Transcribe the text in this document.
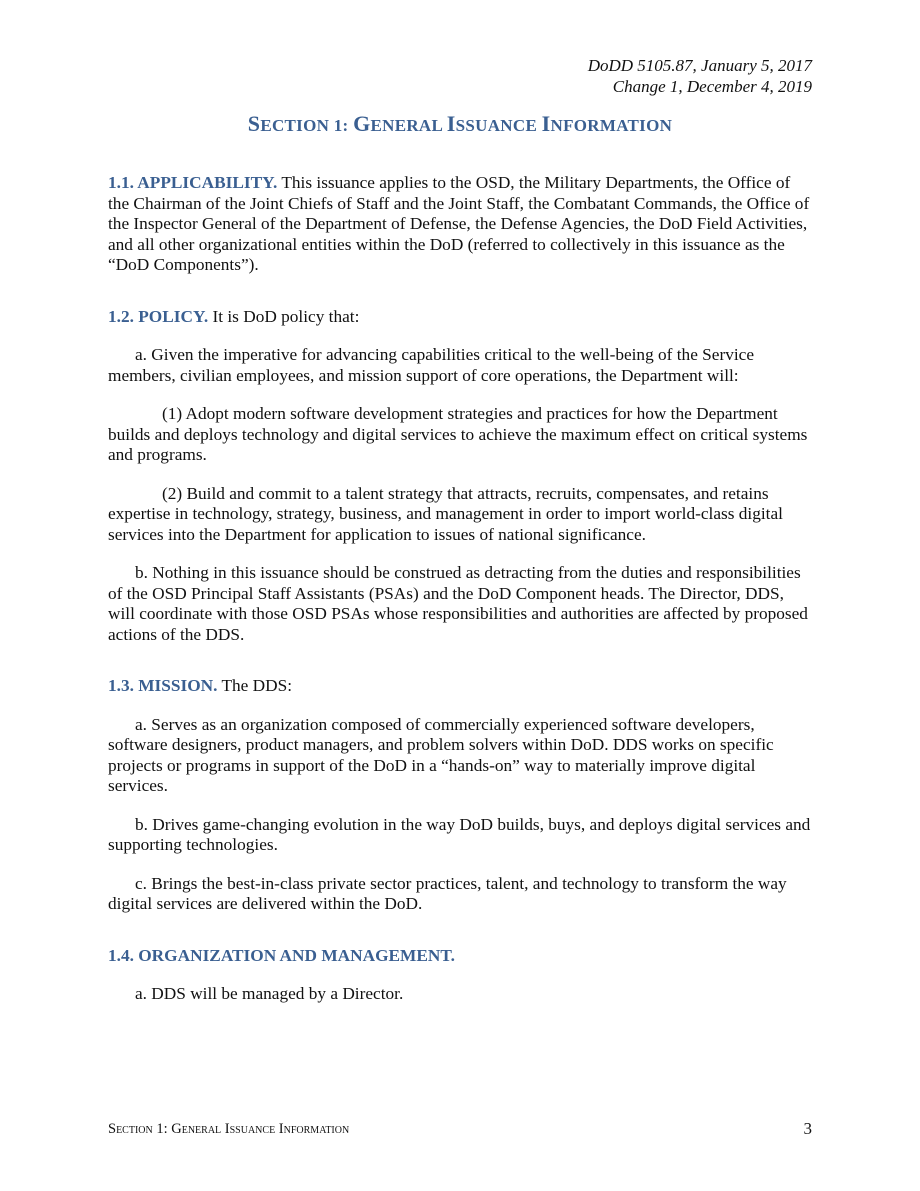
DoDD 5105.87, January 5, 2017
Change 1, December 4, 2019
SECTION 1: GENERAL ISSUANCE INFORMATION

1.1. APPLICABILITY. This issuance applies to the OSD, the Military Departments, the Office of the Chairman of the Joint Chiefs of Staff and the Joint Staff, the Combatant Commands, the Office of the Inspector General of the Department of Defense, the Defense Agencies, the DoD Field Activities, and all other organizational entities within the DoD (referred to collectively in this issuance as the “DoD Components”).

1.2. POLICY. It is DoD policy that:

a. Given the imperative for advancing capabilities critical to the well-being of the Service members, civilian employees, and mission support of core operations, the Department will:

(1) Adopt modern software development strategies and practices for how the Department builds and deploys technology and digital services to achieve the maximum effect on critical systems and programs.

(2) Build and commit to a talent strategy that attracts, recruits, compensates, and retains expertise in technology, strategy, business, and management in order to import world-class digital services into the Department for application to issues of national significance.

b. Nothing in this issuance should be construed as detracting from the duties and responsibilities of the OSD Principal Staff Assistants (PSAs) and the DoD Component heads. The Director, DDS, will coordinate with those OSD PSAs whose responsibilities and authorities are affected by proposed actions of the DDS.

1.3. MISSION. The DDS:

a. Serves as an organization composed of commercially experienced software developers, software designers, product managers, and problem solvers within DoD. DDS works on specific projects or programs in support of the DoD in a “hands-on” way to materially improve digital services.

b. Drives game-changing evolution in the way DoD builds, buys, and deploys digital services and supporting technologies.

c. Brings the best-in-class private sector practices, talent, and technology to transform the way digital services are delivered within the DoD.

1.4. ORGANIZATION AND MANAGEMENT.

a. DDS will be managed by a Director.

Section 1: General Issuance Information	3
